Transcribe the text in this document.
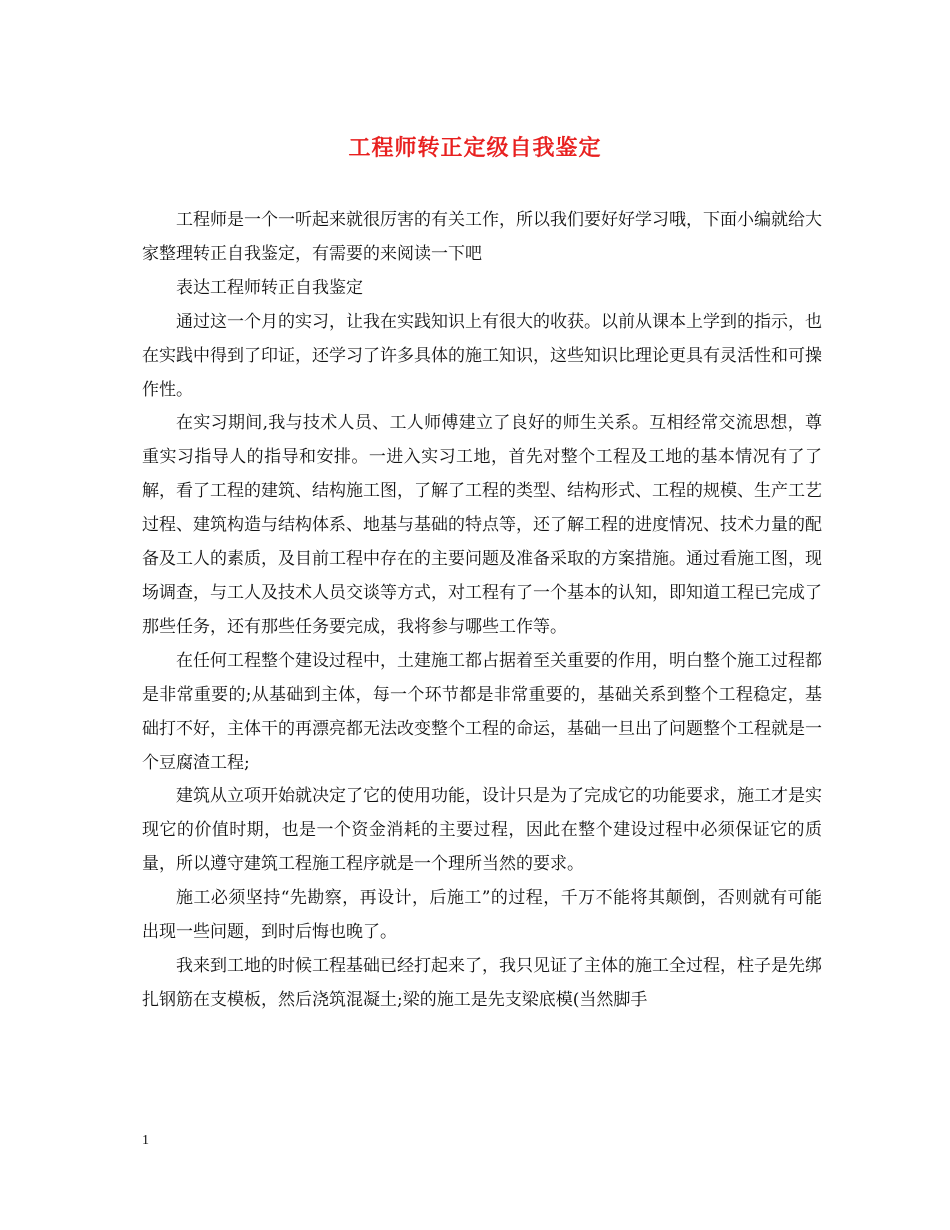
工程师转正定级自我鉴定

工程师是一个一听起来就很厉害的有关工作，所以我们要好好学习哦，下面小编就给大家整理转正自我鉴定，有需要的来阅读一下吧

表达工程师转正自我鉴定

通过这一个月的实习，让我在实践知识上有很大的收获。以前从课本上学到的指示，也在实践中得到了印证，还学习了许多具体的施工知识，这些知识比理论更具有灵活性和可操作性。

在实习期间,我与技术人员、工人师傅建立了良好的师生关系。互相经常交流思想，尊重实习指导人的指导和安排。一进入实习工地，首先对整个工程及工地的基本情况有了了解，看了工程的建筑、结构施工图，了解了工程的类型、结构形式、工程的规模、生产工艺过程、建筑构造与结构体系、地基与基础的特点等，还了解工程的进度情况、技术力量的配备及工人的素质，及目前工程中存在的主要问题及准备采取的方案措施。通过看施工图，现场调查，与工人及技术人员交谈等方式，对工程有了一个基本的认知，即知道工程已完成了那些任务，还有那些任务要完成，我将参与哪些工作等。

在任何工程整个建设过程中，土建施工都占据着至关重要的作用，明白整个施工过程都是非常重要的;从基础到主体，每一个环节都是非常重要的，基础关系到整个工程稳定，基础打不好，主体干的再漂亮都无法改变整个工程的命运，基础一旦出了问题整个工程就是一个豆腐渣工程;

建筑从立项开始就决定了它的使用功能，设计只是为了完成它的功能要求，施工才是实现它的价值时期，也是一个资金消耗的主要过程，因此在整个建设过程中必须保证它的质量，所以遵守建筑工程施工程序就是一个理所当然的要求。

施工必须坚持“先勘察，再设计，后施工”的过程，千万不能将其颠倒，否则就有可能出现一些问题，到时后悔也晚了。

我来到工地的时候工程基础已经打起来了，我只见证了主体的施工全过程，柱子是先绑扎钢筋在支模板，然后浇筑混凝土;梁的施工是先支梁底模(当然脚手

1
